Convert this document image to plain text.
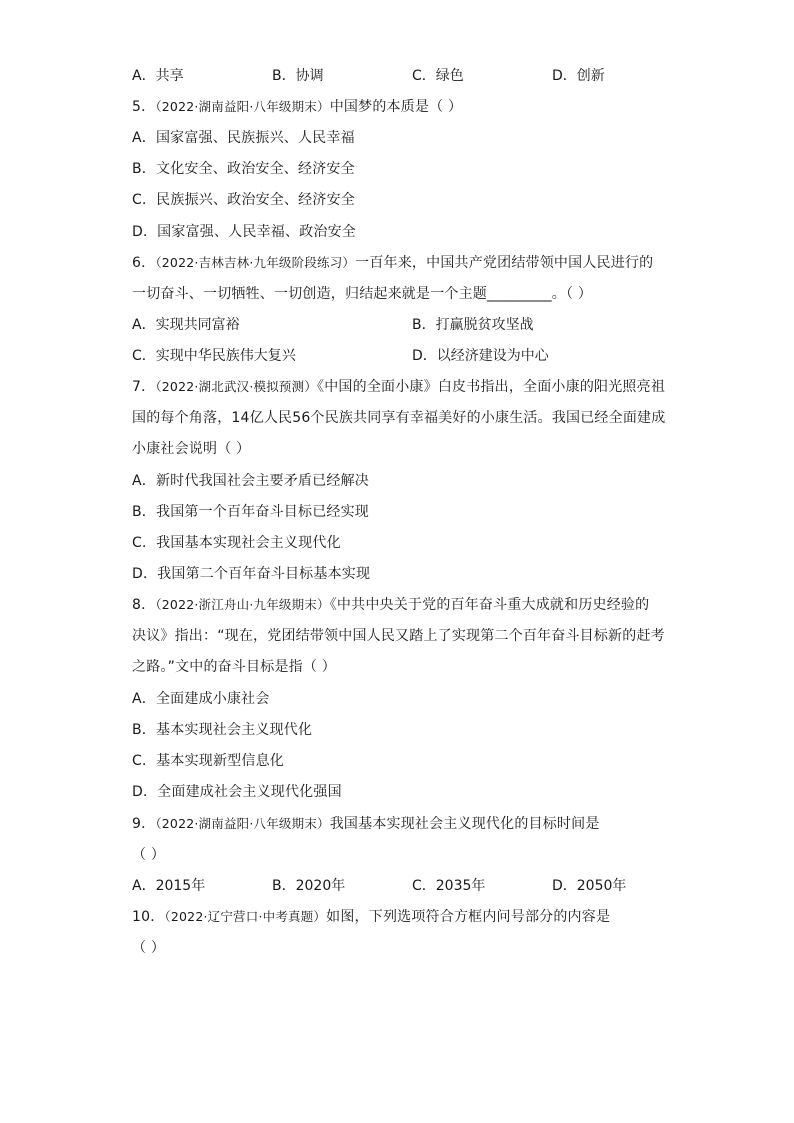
A．共享	B．协调	C．绿色	D．创新
5．（2022·湖南益阳·八年级期末）中国梦的本质是（ ）
A．国家富强、民族振兴、人民幸福
B．文化安全、政治安全、经济安全
C．民族振兴、政治安全、经济安全
D．国家富强、人民幸福、政治安全
6．（2022·吉林吉林·九年级阶段练习）一百年来，中国共产党团结带领中国人民进行的
一切奋斗、一切牺牲、一切创造，归结起来就是一个主题_________。（ ）
A．实现共同富裕	B．打赢脱贫攻坚战
C．实现中华民族伟大复兴	D．以经济建设为中心
7．（2022·湖北武汉·模拟预测）《中国的全面小康》白皮书指出，全面小康的阳光照亮祖
国的每个角落，14亿人民56个民族共同享有幸福美好的小康生活。我国已经全面建成
小康社会说明（ ）
A．新时代我国社会主要矛盾已经解决
B．我国第一个百年奋斗目标已经实现
C．我国基本实现社会主义现代化
D．我国第二个百年奋斗目标基本实现
8．（2022·浙江舟山·九年级期末）《中共中央关于党的百年奋斗重大成就和历史经验的
决议》指出：“现在，党团结带领中国人民又踏上了实现第二个百年奋斗目标新的赶考
之路。”文中的奋斗目标是指（ ）
A．全面建成小康社会
B．基本实现社会主义现代化
C．基本实现新型信息化
D．全面建成社会主义现代化强国
9．（2022·湖南益阳·八年级期末）我国基本实现社会主义现代化的目标时间是
（ ）
A．2015年	B．2020年	C．2035年	D．2050年
10．（2022·辽宁营口·中考真题）如图，下列选项符合方框内问号部分的内容是
（ ）
